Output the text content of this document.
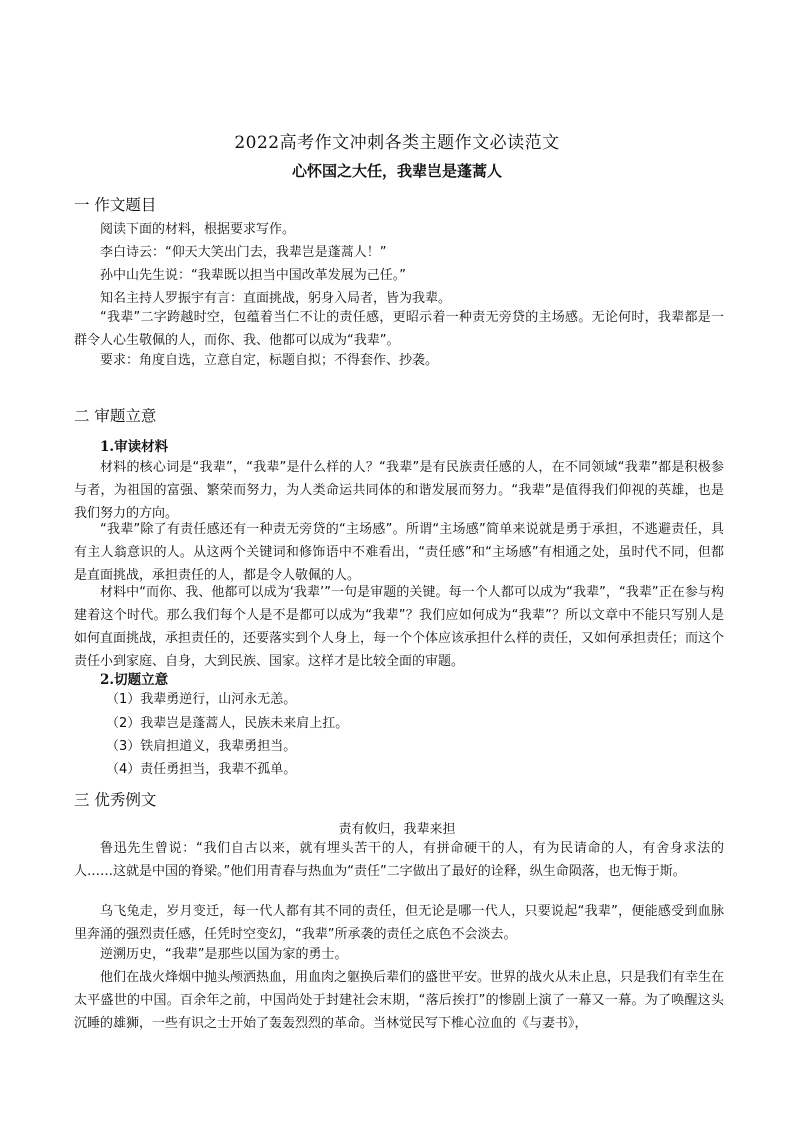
2022高考作文冲刺各类主题作文必读范文
心怀国之大任，我辈岂是蓬蒿人
一 作文题目
阅读下面的材料，根据要求写作。
李白诗云：“仰天大笑出门去，我辈岂是蓬蒿人！”
孙中山先生说：“我辈既以担当中国改革发展为己任。”
知名主持人罗振宇有言：直面挑战，躬身入局者，皆为我辈。

“我辈”二字跨越时空，包蕴着当仁不让的责任感，更昭示着一种责无旁贷的主场感。无论何时，我辈都是一群令人心生敬佩的人，而你、我、他都可以成为“我辈”。

要求：角度自选，立意自定，标题自拟；不得套作、抄袭。
二 审题立意
1.审读材料

材料的核心词是“我辈”，“我辈”是什么样的人？“我辈”是有民族责任感的人，在不同领域“我辈”都是积极参与者，为祖国的富强、繁荣而努力，为人类命运共同体的和谐发展而努力。“我辈”是值得我们仰视的英雄，也是我们努力的方向。

“我辈”除了有责任感还有一种责无旁贷的“主场感”。所谓“主场感”简单来说就是勇于承担，不逃避责任，具有主人翁意识的人。从这两个关键词和修饰语中不难看出，“责任感”和“主场感”有相通之处，虽时代不同，但都是直面挑战，承担责任的人，都是令人敬佩的人。

材料中“而你、我、他都可以成为‘我辈’”一句是审题的关键。每一个人都可以成为“我辈”，“我辈”正在参与构建着这个时代。那么我们每个人是不是都可以成为“我辈”？我们应如何成为“我辈”？所以文章中不能只写别人是如何直面挑战，承担责任的，还要落实到个人身上，每一个个体应该承担什么样的责任，又如何承担责任；而这个责任小到家庭、自身，大到民族、国家。这样才是比较全面的审题。

2.切题立意
（1）我辈勇逆行，山河永无恙。
（2）我辈岂是蓬蒿人，民族未来肩上扛。
（3）铁肩担道义，我辈勇担当。
（4）责任勇担当，我辈不孤单。
三 优秀例文
责有攸归，我辈来担

鲁迅先生曾说：“我们自古以来，就有埋头苦干的人，有拼命硬干的人，有为民请命的人，有舍身求法的人……这就是中国的脊梁。”他们用青春与热血为“责任”二字做出了最好的诠释，纵生命陨落，也无悔于斯。

乌飞兔走，岁月变迁，每一代人都有其不同的责任，但无论是哪一代人，只要说起“我辈”，便能感受到血脉里奔涌的强烈责任感，任凭时空变幻，“我辈”所承袭的责任之底色不会淡去。

逆溯历史，“我辈”是那些以国为家的勇士。

他们在战火烽烟中抛头颅洒热血，用血肉之躯换后辈们的盛世平安。世界的战火从未止息，只是我们有幸生在太平盛世的中国。百余年之前，中国尚处于封建社会末期，“落后挨打”的惨剧上演了一幕又一幕。为了唤醒这头沉睡的雄狮，一些有识之士开始了轰轰烈烈的革命。当林觉民写下椎心泣血的《与妻书》，
